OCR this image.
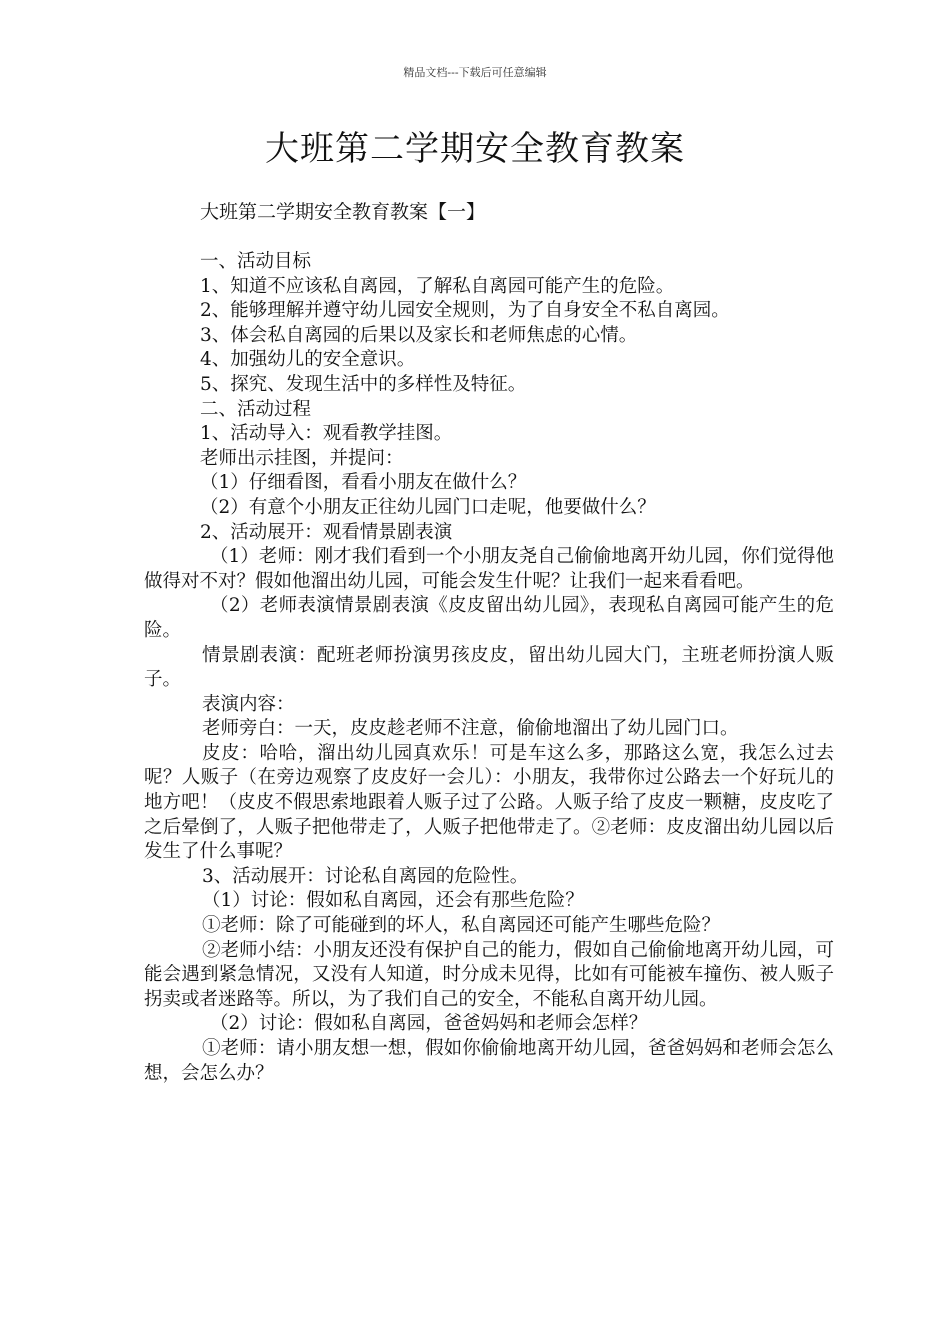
精品文档---下载后可任意编辑
大班第二学期安全教育教案
大班第二学期安全教育教案【一】

一、活动目标

1、知道不应该私自离园，了解私自离园可能产生的危险。

2、能够理解并遵守幼儿园安全规则，为了自身安全不私自离园。

3、体会私自离园的后果以及家长和老师焦虑的心情。

4、加强幼儿的安全意识。

5、探究、发现生活中的多样性及特征。

二、活动过程

1、活动导入：观看教学挂图。

老师出示挂图，并提问：

（1）仔细看图，看看小朋友在做什么？

（2）有意个小朋友正往幼儿园门口走呢，他要做什么？

2、活动展开：观看情景剧表演

（1）老师：刚才我们看到一个小朋友尧自己偷偷地离开幼儿园，你们觉得他做得对不对？假如他溜出幼儿园，可能会发生什呢？让我们一起来看看吧。

（2）老师表演情景剧表演《皮皮留出幼儿园》，表现私自离园可能产生的危险。

情景剧表演：配班老师扮演男孩皮皮，留出幼儿园大门，主班老师扮演人贩子。

表演内容：

老师旁白：一天，皮皮趁老师不注意，偷偷地溜出了幼儿园门口。

皮皮：哈哈，溜出幼儿园真欢乐！可是车这么多，那路这么宽，我怎么过去呢？人贩子（在旁边观察了皮皮好一会儿）：小朋友，我带你过公路去一个好玩儿的地方吧！（皮皮不假思索地跟着人贩子过了公路。人贩子给了皮皮一颗糖，皮皮吃了之后晕倒了，人贩子把他带走了，人贩子把他带走了。②老师：皮皮溜出幼儿园以后发生了什么事呢？

3、活动展开：讨论私自离园的危险性。

（1）讨论：假如私自离园，还会有那些危险？

①老师：除了可能碰到的坏人，私自离园还可能产生哪些危险？

②老师小结：小朋友还没有保护自己的能力，假如自己偷偷地离开幼儿园，可能会遇到紧急情况，又没有人知道，时分成未见得，比如有可能被车撞伤、被人贩子拐卖或者迷路等。所以，为了我们自己的安全，不能私自离开幼儿园。

（2）讨论：假如私自离园，爸爸妈妈和老师会怎样？

①老师：请小朋友想一想，假如你偷偷地离开幼儿园，爸爸妈妈和老师会怎么想，会怎么办？
